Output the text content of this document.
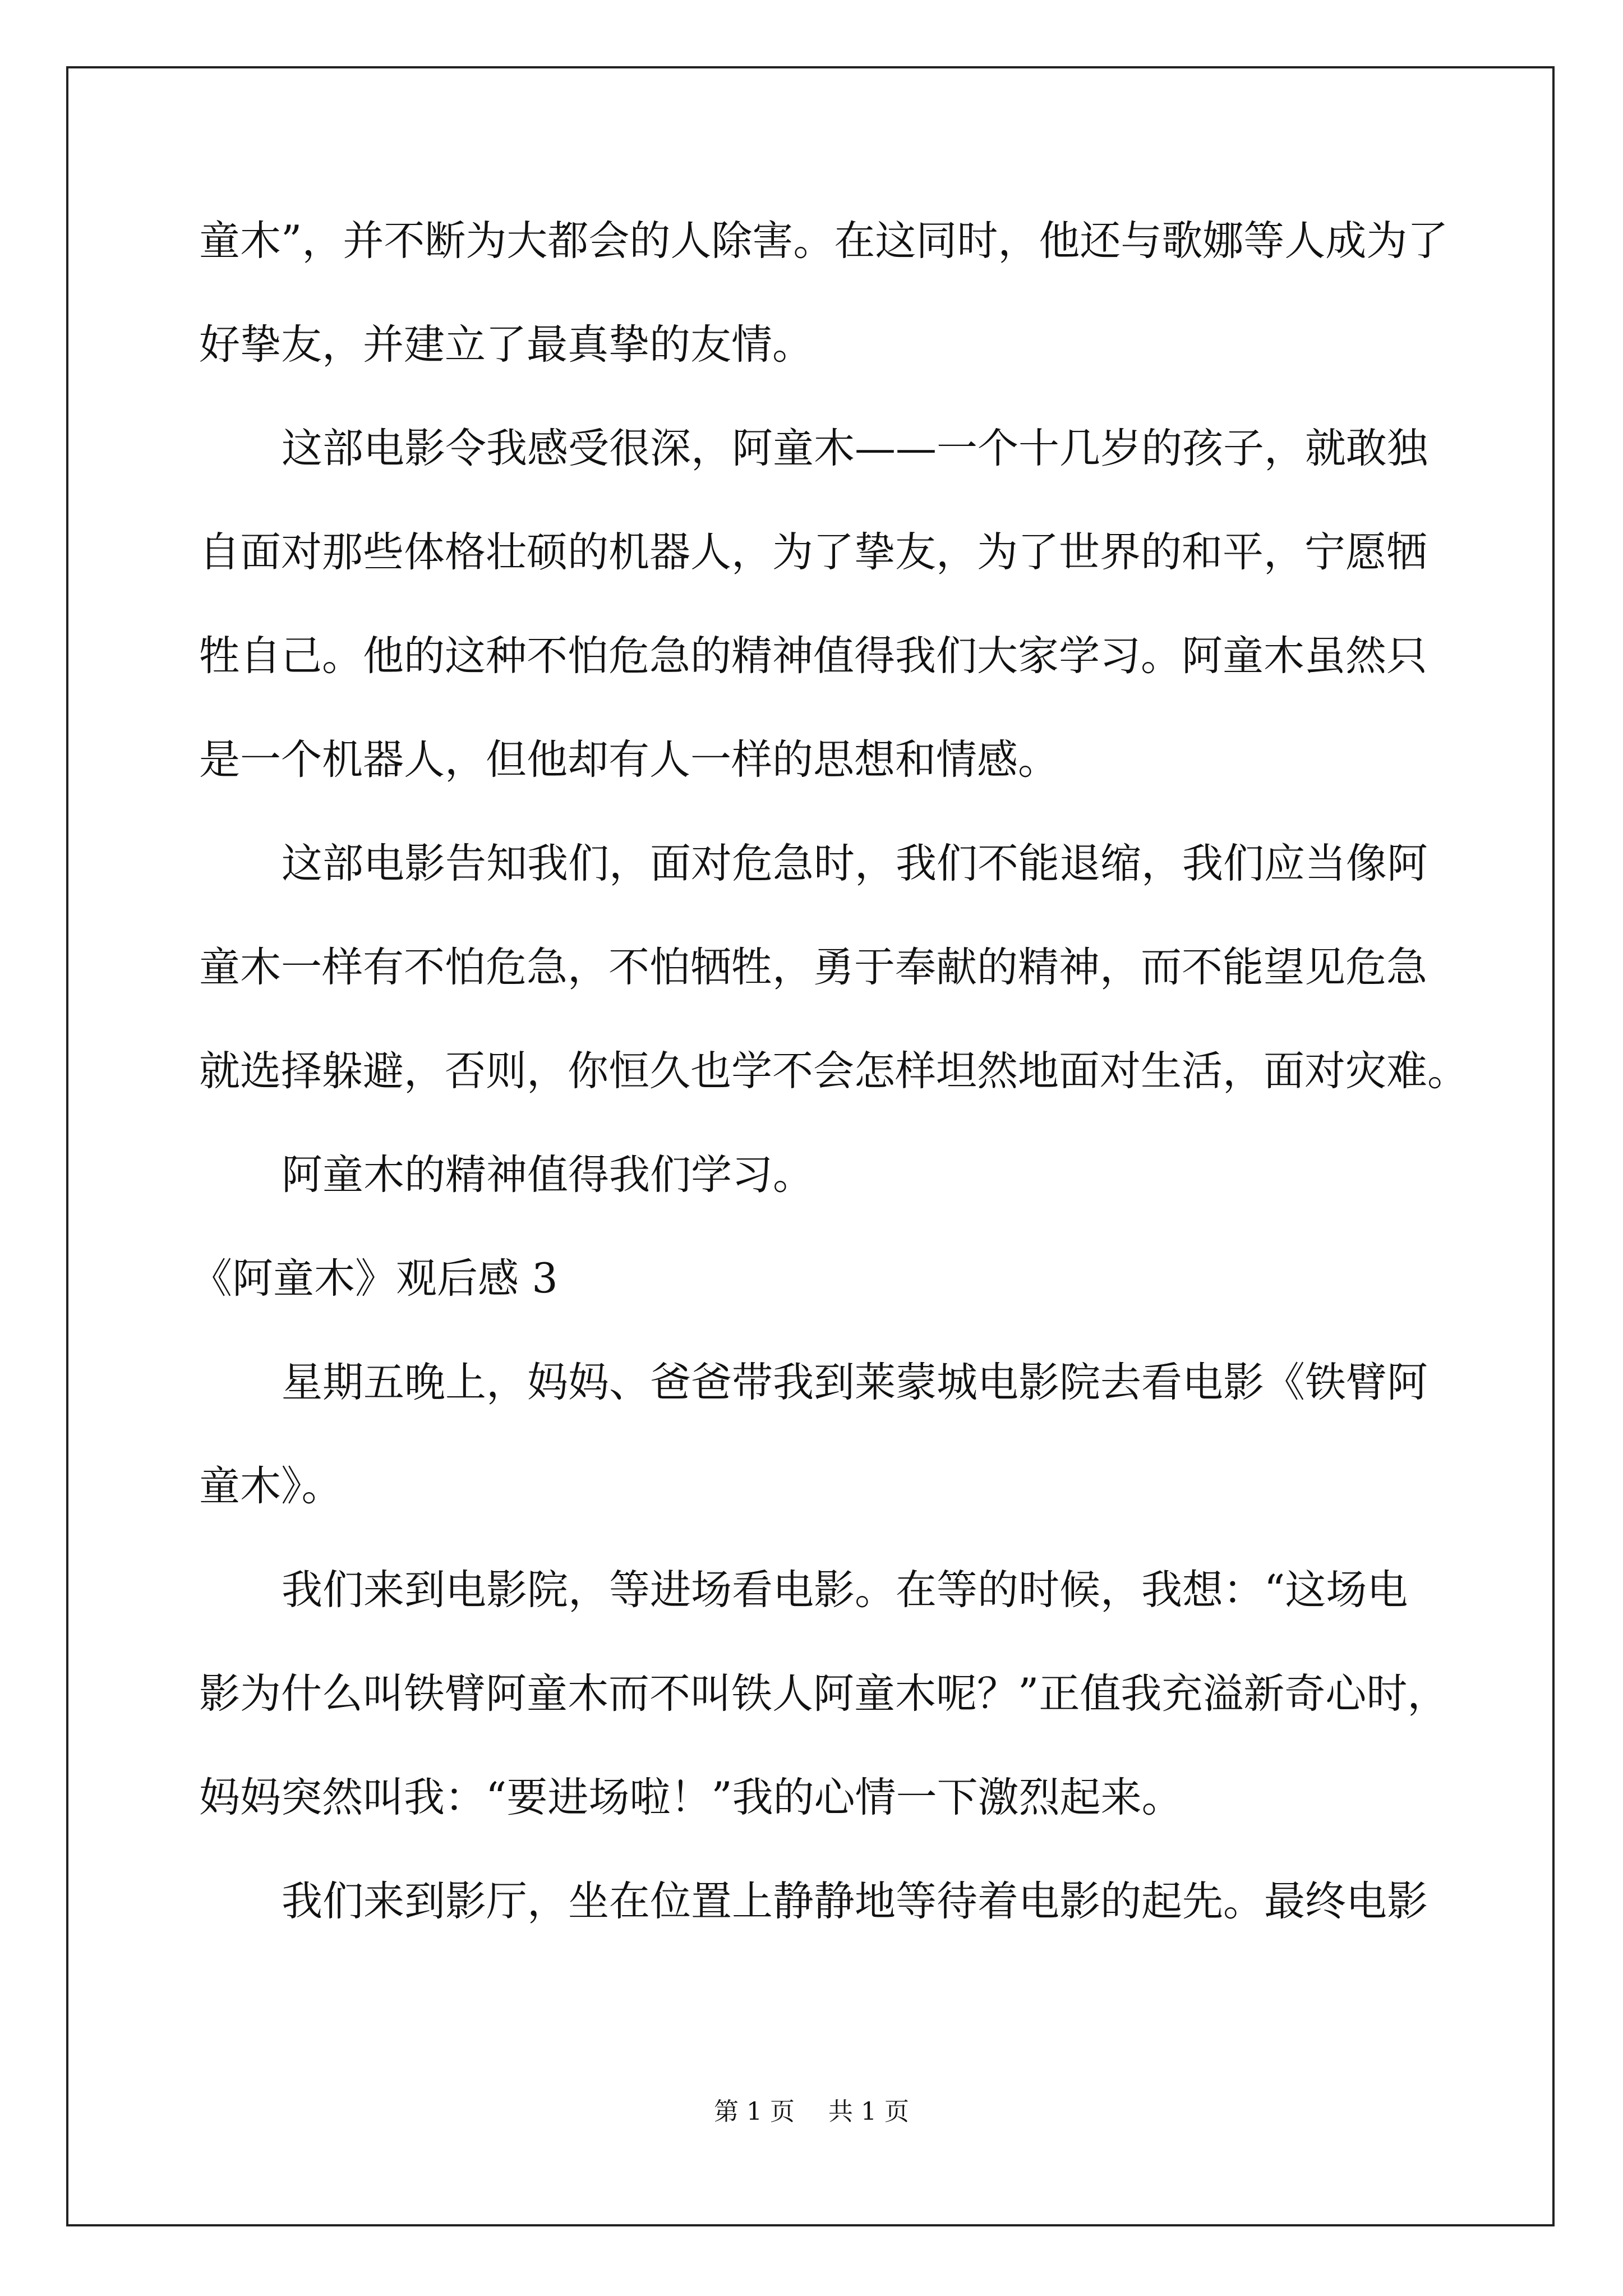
童木”，并不断为大都会的人除害。在这同时，他还与歌娜等人成为了
好挚友，并建立了最真挚的友情。
这部电影令我感受很深，阿童木——一个十几岁的孩子，就敢独
自面对那些体格壮硕的机器人，为了挚友，为了世界的和平，宁愿牺
牲自己。他的这种不怕危急的精神值得我们大家学习。阿童木虽然只
是一个机器人，但他却有人一样的思想和情感。
这部电影告知我们，面对危急时，我们不能退缩，我们应当像阿
童木一样有不怕危急，不怕牺牲，勇于奉献的精神，而不能望见危急
就选择躲避，否则，你恒久也学不会怎样坦然地面对生活，面对灾难。
阿童木的精神值得我们学习。
《阿童木》观后感 3
星期五晚上，妈妈、爸爸带我到莱蒙城电影院去看电影《铁臂阿
童木》。
我们来到电影院，等进场看电影。在等的时候，我想：“这场电
影为什么叫铁臂阿童木而不叫铁人阿童木呢？”正值我充溢新奇心时，
妈妈突然叫我：“要进场啦！”我的心情一下激烈起来。
我们来到影厅，坐在位置上静静地等待着电影的起先。最终电影
第 1 页 共 1 页
